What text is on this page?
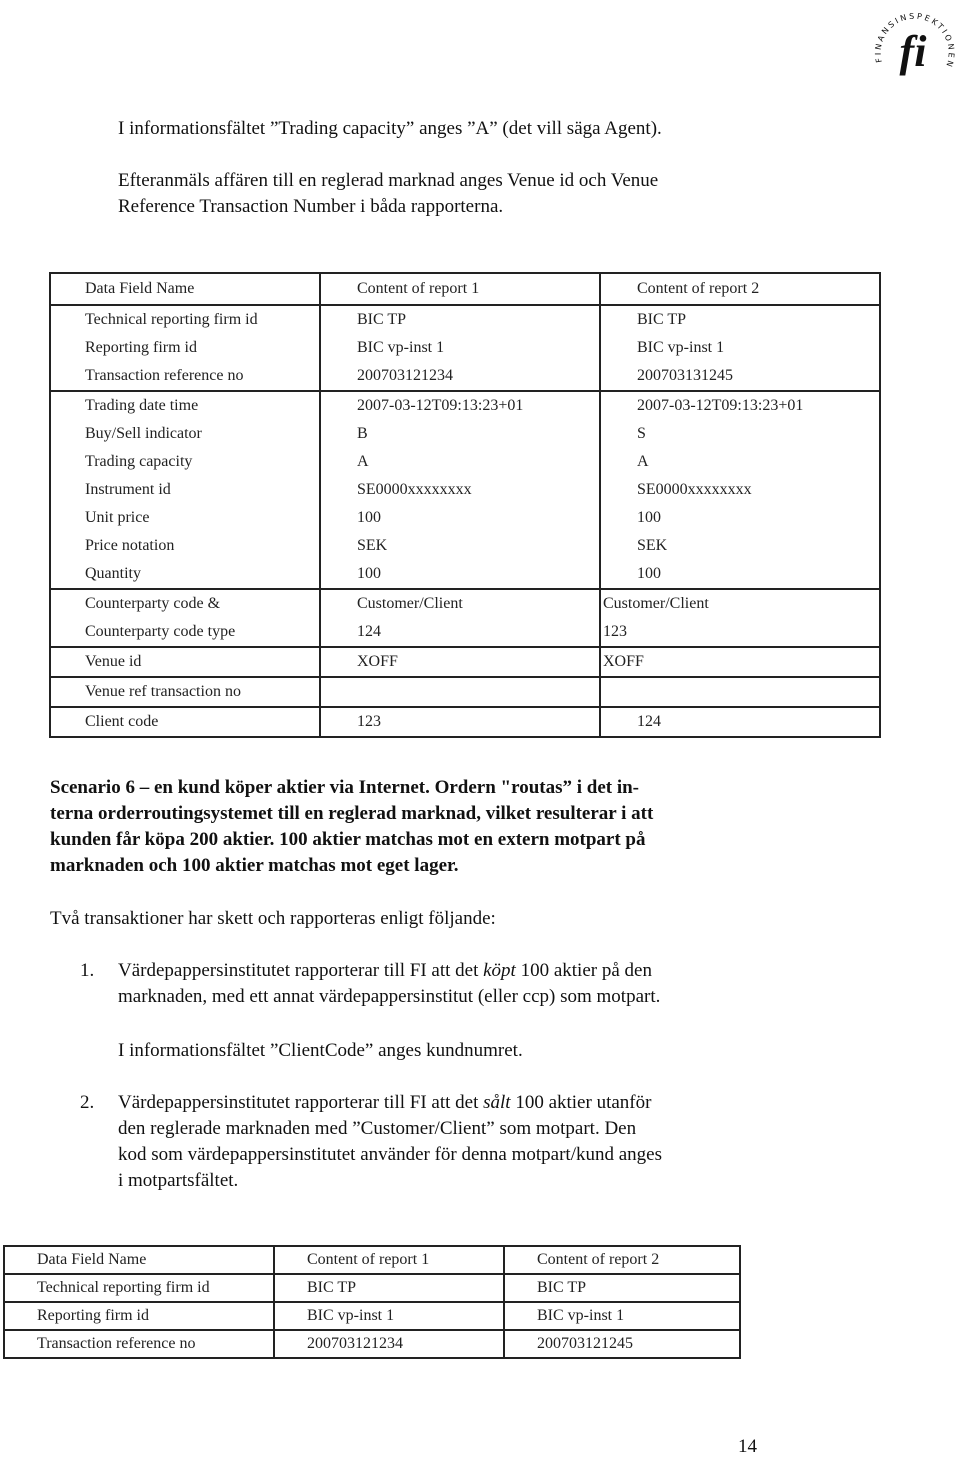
FINANSINSPEKTIONEN
fi

I informationsfältet ”Trading capacity” anges ”A” (det vill säga Agent).

Efteranmäls affären till en reglerad marknad anges Venue id och Venue

Reference Transaction Number i båda rapporterna.

Data Field Name	Content of report 1	Content of report 2
Technical reporting firm id	BIC TP	BIC TP
Reporting firm id	BIC vp-inst 1	BIC vp-inst 1
Transaction reference no	200703121234	200703131245
Trading date time	2007-03-12T09:13:23+01	2007-03-12T09:13:23+01
Buy/Sell indicator	B	S
Trading capacity	A	A
Instrument id	SE0000xxxxxxxx	SE0000xxxxxxxx
Unit price	100	100
Price notation	SEK	SEK
Quantity	100	100
Counterparty code &	Customer/Client	Customer/Client
Counterparty code type	124	123
Venue id	XOFF	XOFF
Venue ref transaction no		
Client code	123	124
Scenario 6 – en kund köper aktier via Internet. Ordern "routas” i det in-
terna orderroutingsystemet till en reglerad marknad, vilket resulterar i att
kunden får köpa 200 aktier. 100 aktier matchas mot en extern motpart på
marknaden och 100 aktier matchas mot eget lager.

Två transaktioner har skett och rapporteras enligt följande:

1. Värdepappersinstitutet rapporterar till FI att det köpt 100 aktier på den
marknaden, med ett annat värdepappersinstitut (eller ccp) som motpart.

I informationsfältet ”ClientCode” anges kundnumret.

2. Värdepappersinstitutet rapporterar till FI att det sålt 100 aktier utanför
den reglerade marknaden med ”Customer/Client” som motpart. Den
kod som värdepappersinstitutet använder för denna motpart/kund anges
i motpartsfältet.
Data Field Name	Content of report 1	Content of report 2
Technical reporting firm id	BIC TP	BIC TP
Reporting firm id	BIC vp-inst 1	BIC vp-inst 1
Transaction reference no	200703121234	200703121245
14
